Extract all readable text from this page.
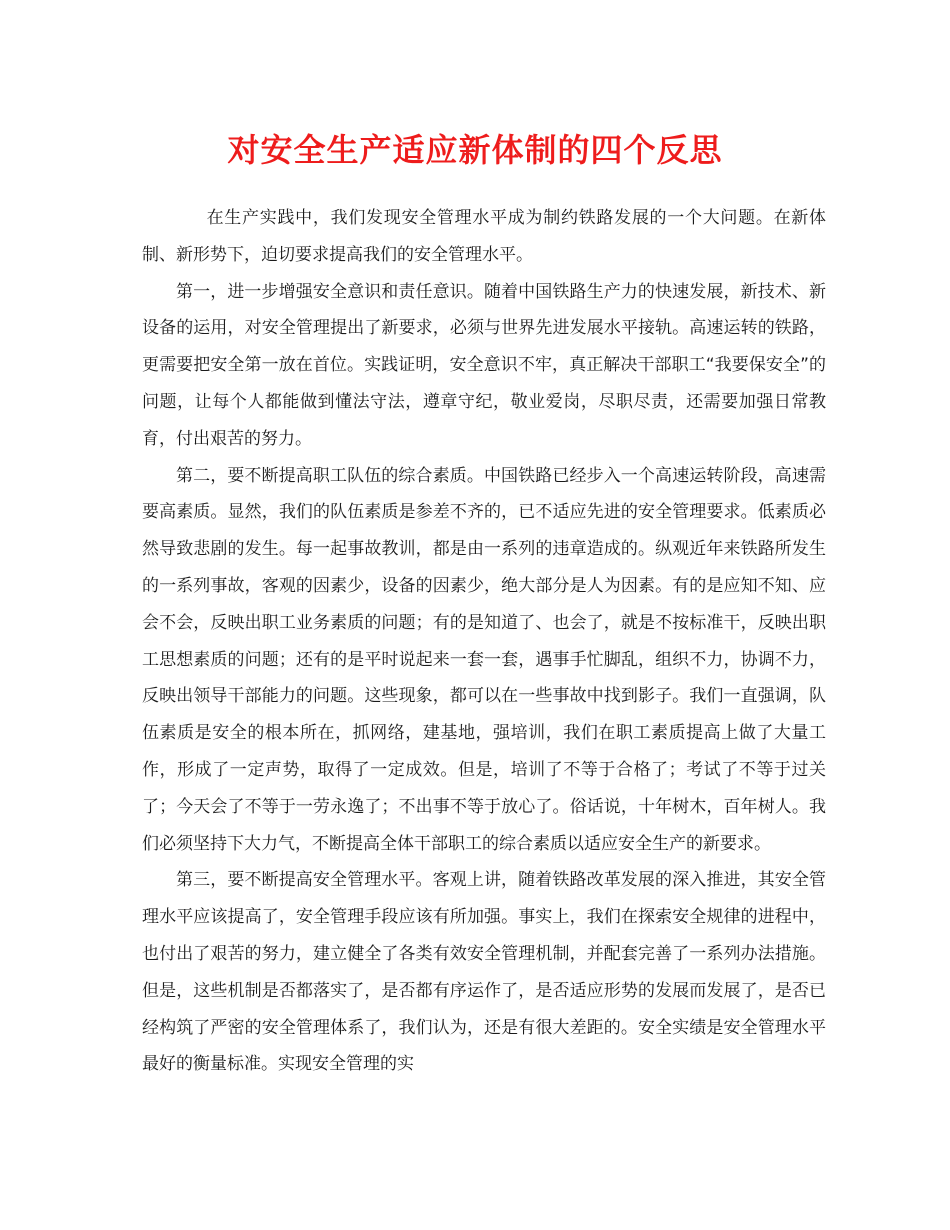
对安全生产适应新体制的四个反思

在生产实践中，我们发现安全管理水平成为制约铁路发展的一个大问题。在新体制、新形势下，迫切要求提高我们的安全管理水平。

第一，进一步增强安全意识和责任意识。随着中国铁路生产力的快速发展，新技术、新设备的运用，对安全管理提出了新要求，必须与世界先进发展水平接轨。高速运转的铁路，更需要把安全第一放在首位。实践证明，安全意识不牢，真正解决干部职工“我要保安全”的问题，让每个人都能做到懂法守法，遵章守纪，敬业爱岗，尽职尽责，还需要加强日常教育，付出艰苦的努力。

第二，要不断提高职工队伍的综合素质。中国铁路已经步入一个高速运转阶段，高速需要高素质。显然，我们的队伍素质是参差不齐的，已不适应先进的安全管理要求。低素质必然导致悲剧的发生。每一起事故教训，都是由一系列的违章造成的。纵观近年来铁路所发生的一系列事故，客观的因素少，设备的因素少，绝大部分是人为因素。有的是应知不知、应会不会，反映出职工业务素质的问题；有的是知道了、也会了，就是不按标准干，反映出职工思想素质的问题；还有的是平时说起来一套一套，遇事手忙脚乱，组织不力，协调不力，反映出领导干部能力的问题。这些现象，都可以在一些事故中找到影子。我们一直强调，队伍素质是安全的根本所在，抓网络，建基地，强培训，我们在职工素质提高上做了大量工作，形成了一定声势，取得了一定成效。但是，培训了不等于合格了；考试了不等于过关了；今天会了不等于一劳永逸了；不出事不等于放心了。俗话说，十年树木，百年树人。我们必须坚持下大力气，不断提高全体干部职工的综合素质以适应安全生产的新要求。

第三，要不断提高安全管理水平。客观上讲，随着铁路改革发展的深入推进，其安全管理水平应该提高了，安全管理手段应该有所加强。事实上，我们在探索安全规律的进程中，也付出了艰苦的努力，建立健全了各类有效安全管理机制，并配套完善了一系列办法措施。但是，这些机制是否都落实了，是否都有序运作了，是否适应形势的发展而发展了，是否已经构筑了严密的安全管理体系了，我们认为，还是有很大差距的。安全实绩是安全管理水平最好的衡量标准。实现安全管理的实
